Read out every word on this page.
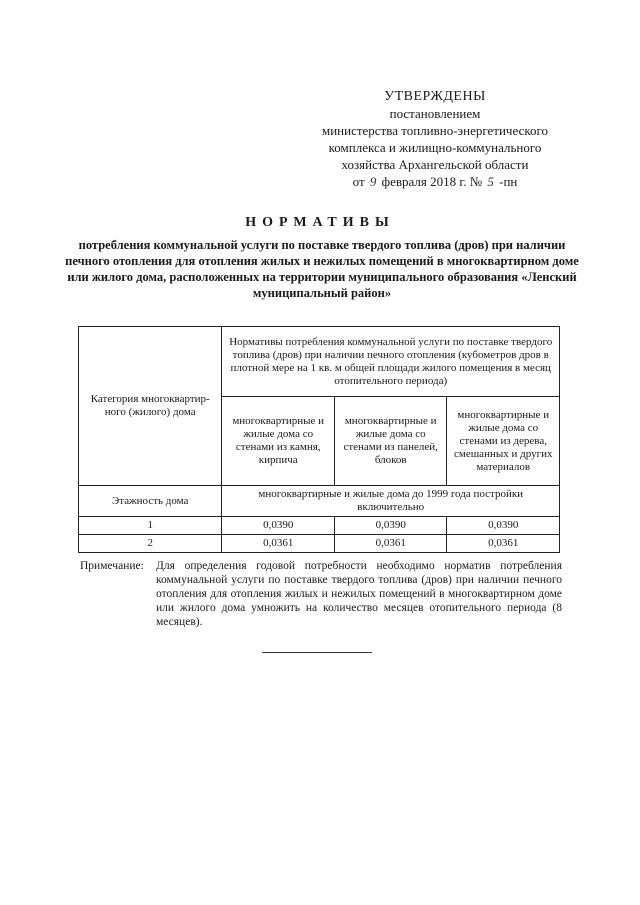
УТВЕРЖДЕНЫ
постановлением
министерства топливно-энергетического
комплекса и жилищно-коммунального
хозяйства Архангельской области
от 9 февраля 2018 г. № 5 -пн
НОРМАТИВЫ
потребления коммунальной услуги по поставке твердого топлива (дров) при наличии печного отопления для отопления жилых и нежилых помещений в многоквартирном доме или жилого дома, расположенных на территории муниципального образования «Ленский муниципальный район»
Категория многоквартир-ного (жилого) дома	Нормативы потребления коммунальной услуги по поставке твердого топлива (дров) при наличии печного отопления (кубометров дров в плотной мере на 1 кв. м общей площади жилого помещения в месяц отопительного периода)		
	многоквартирные и жилые дома со стенами из камня, кирпича	многоквартирные и жилые дома со стенами из панелей, блоков	многоквартирные и жилые дома со стенами из дерева, смешанных и других материалов
Этажность дома	многоквартирные и жилые дома до 1999 года постройки включительно		
1	0,0390	0,0390	0,0390
2	0,0361	0,0361	0,0361
Примечание:	Для определения годовой потребности необходимо норматив потребления коммунальной услуги по поставке твердого топлива (дров) при наличии печного отопления для отопления жилых и нежилых помещений в многоквартирном доме или жилого дома умножить на количество месяцев отопительного периода (8 месяцев).
